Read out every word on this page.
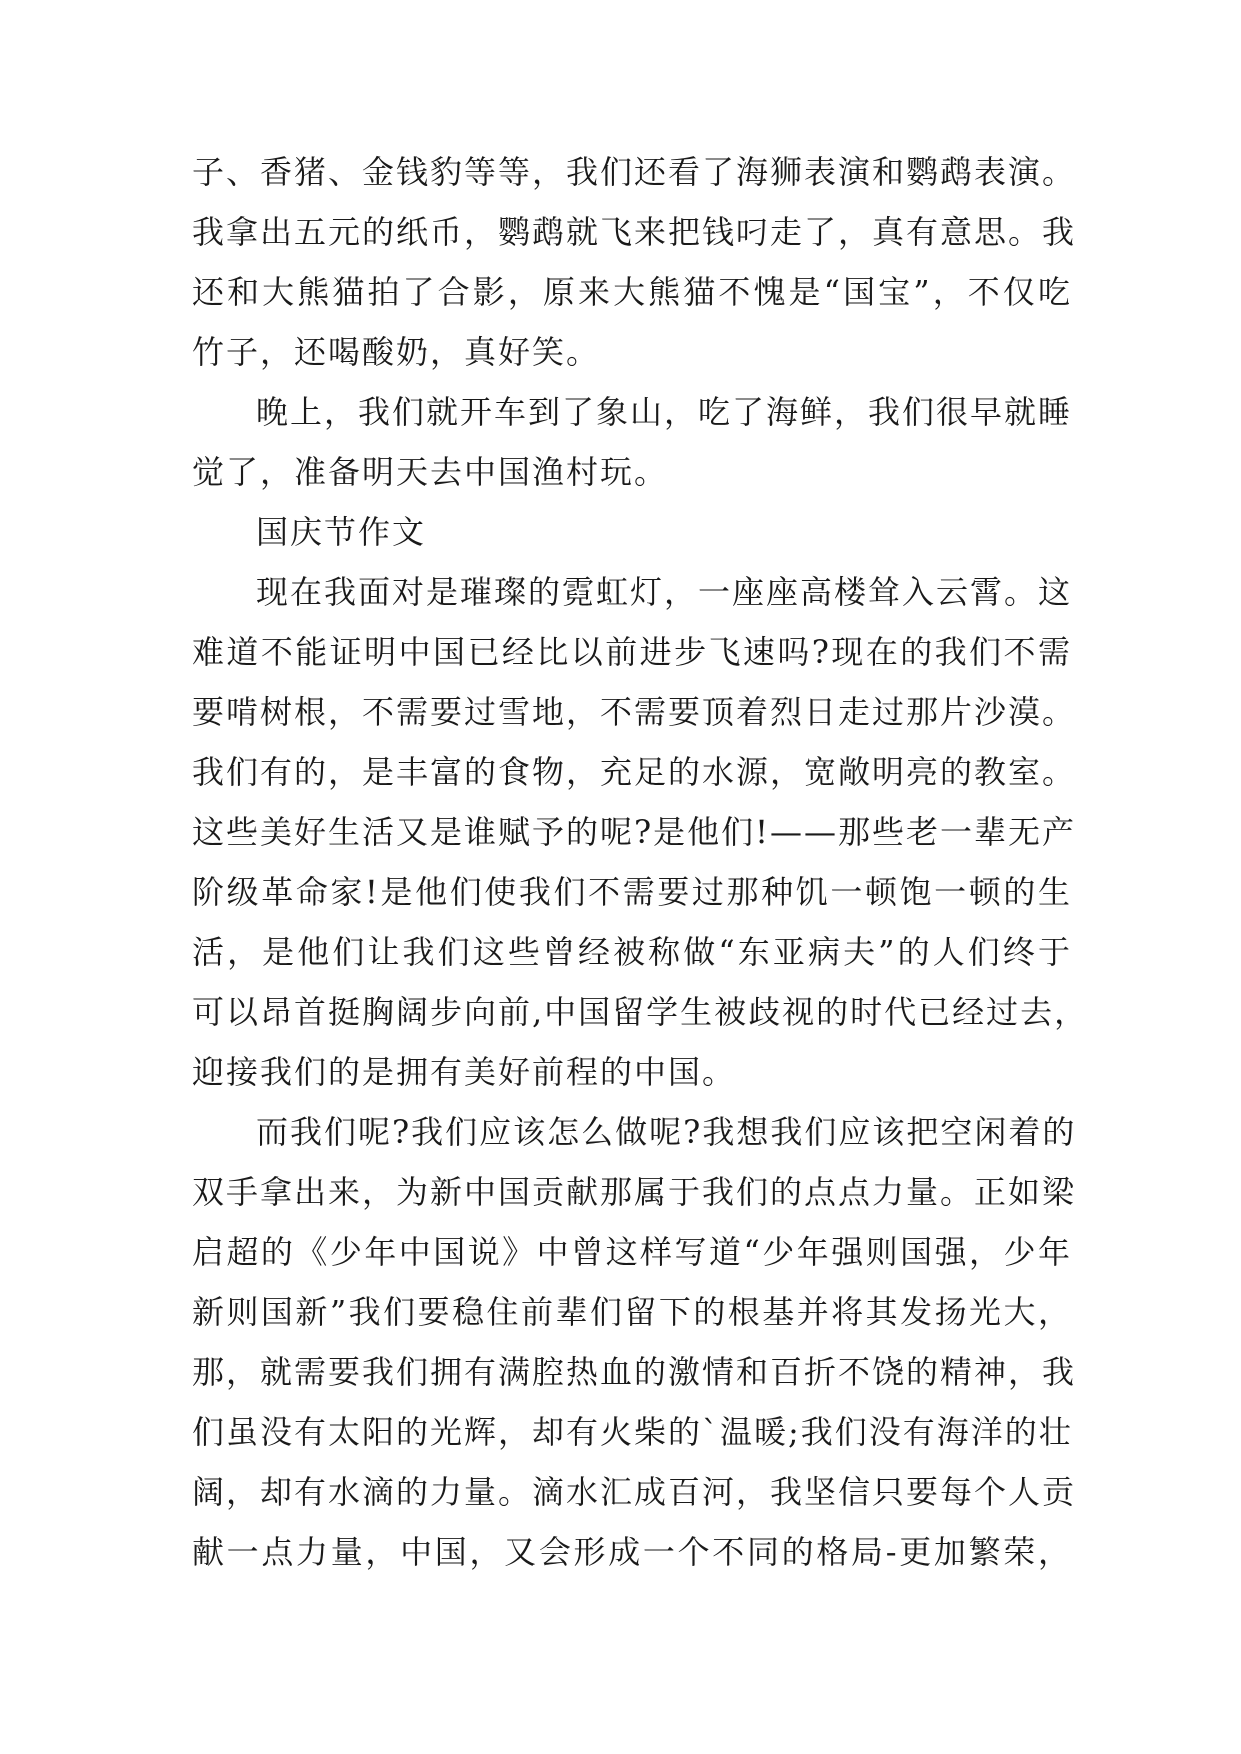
子、香猪、金钱豹等等，我们还看了海狮表演和鹦鹉表演。
我拿出五元的纸币，鹦鹉就飞来把钱叼走了，真有意思。我
还和大熊猫拍了合影，原来大熊猫不愧是“国宝”，不仅吃
竹子，还喝酸奶，真好笑。
晚上，我们就开车到了象山，吃了海鲜，我们很早就睡
觉了，准备明天去中国渔村玩。
国庆节作文
现在我面对是璀璨的霓虹灯，一座座高楼耸入云霄。这
难道不能证明中国已经比以前进步飞速吗?现在的我们不需
要啃树根，不需要过雪地，不需要顶着烈日走过那片沙漠。
我们有的，是丰富的食物，充足的水源，宽敞明亮的教室。
这些美好生活又是谁赋予的呢?是他们!——那些老一辈无产
阶级革命家!是他们使我们不需要过那种饥一顿饱一顿的生
活，是他们让我们这些曾经被称做“东亚病夫”的人们终于
可以昂首挺胸阔步向前,中国留学生被歧视的时代已经过去，
迎接我们的是拥有美好前程的中国。
而我们呢?我们应该怎么做呢?我想我们应该把空闲着的
双手拿出来，为新中国贡献那属于我们的点点力量。正如梁
启超的《少年中国说》中曾这样写道“少年强则国强，少年
新则国新”我们要稳住前辈们留下的根基并将其发扬光大，
那，就需要我们拥有满腔热血的激情和百折不饶的精神，我
们虽没有太阳的光辉，却有火柴的`温暖;我们没有海洋的壮
阔，却有水滴的力量。滴水汇成百河，我坚信只要每个人贡
献一点力量，中国，又会形成一个不同的格局-更加繁荣，
